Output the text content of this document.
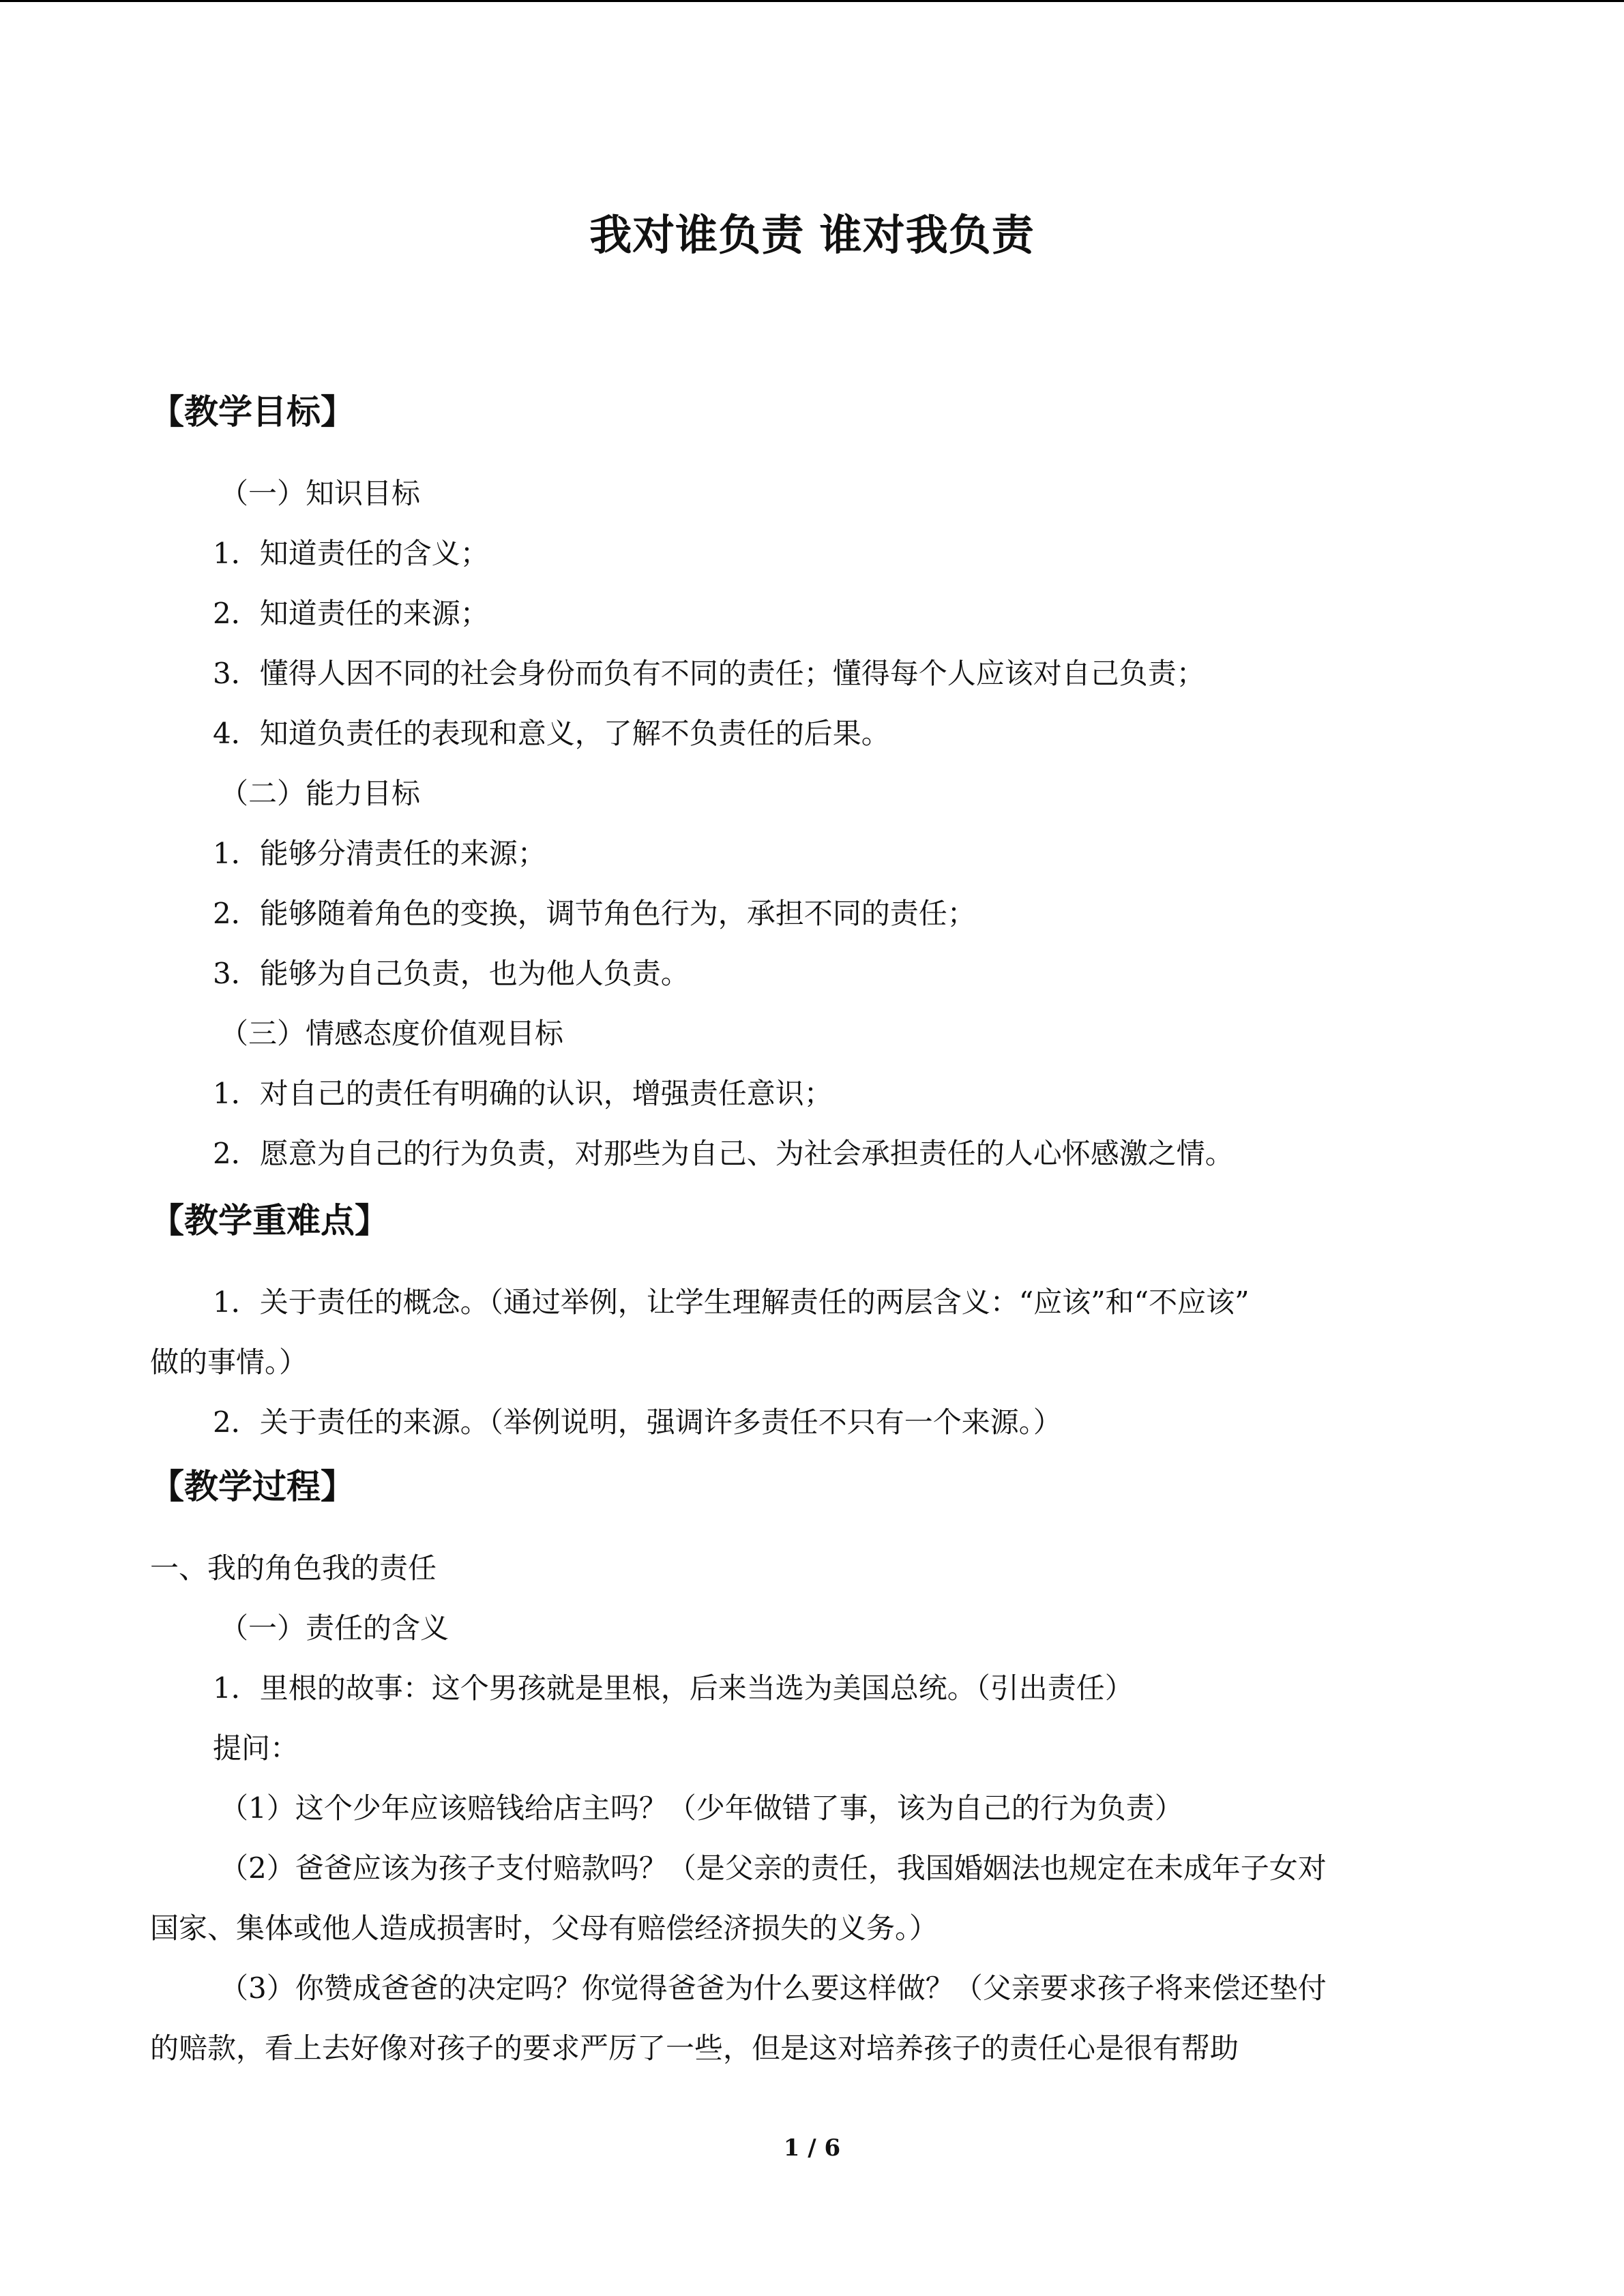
我对谁负责 谁对我负责
【教学目标】
（一）知识目标
1．知道责任的含义；
2．知道责任的来源；
3．懂得人因不同的社会身份而负有不同的责任；懂得每个人应该对自己负责；
4．知道负责任的表现和意义，了解不负责任的后果。
（二）能力目标
1．能够分清责任的来源；
2．能够随着角色的变换，调节角色行为，承担不同的责任；
3．能够为自己负责，也为他人负责。
（三）情感态度价值观目标
1．对自己的责任有明确的认识，增强责任意识；
2．愿意为自己的行为负责，对那些为自己、为社会承担责任的人心怀感激之情。
【教学重难点】
1．关于责任的概念。（通过举例，让学生理解责任的两层含义：“应该”和“不应该”
做的事情。）
2．关于责任的来源。（举例说明，强调许多责任不只有一个来源。）
【教学过程】
一、我的角色我的责任
（一）责任的含义
1．里根的故事：这个男孩就是里根，后来当选为美国总统。（引出责任）
提问：
（1）这个少年应该赔钱给店主吗？（少年做错了事，该为自己的行为负责）
（2）爸爸应该为孩子支付赔款吗？（是父亲的责任，我国婚姻法也规定在未成年子女对
国家、集体或他人造成损害时，父母有赔偿经济损失的义务。）
（3）你赞成爸爸的决定吗？你觉得爸爸为什么要这样做？（父亲要求孩子将来偿还垫付
的赔款，看上去好像对孩子的要求严厉了一些，但是这对培养孩子的责任心是很有帮助
1 / 6
